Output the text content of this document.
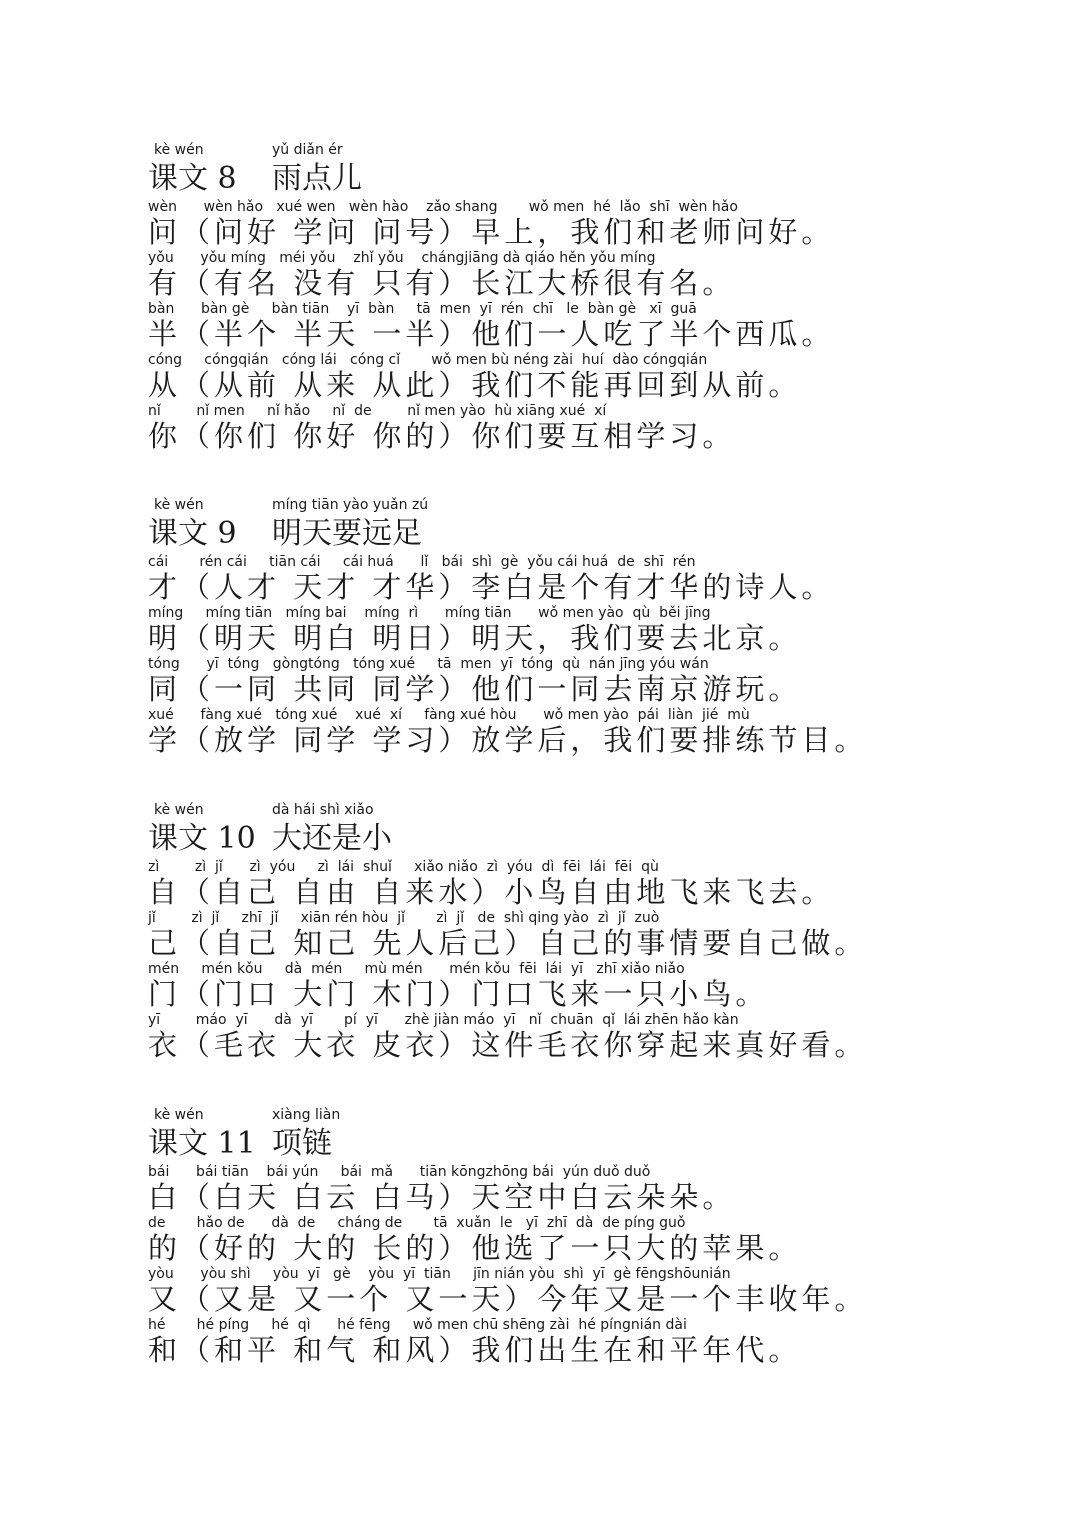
kè wén	yǔ diǎn ér
课文 8 雨点儿
wèn      wèn hǎo   xué wen   wèn hào    zǎo shang       wǒ men  hé  lǎo  shī  wèn hǎo
问（问好 学问 问号）早上，我们和老师问好。
yǒu      yǒu míng   méi yǒu    zhǐ yǒu    chángjiāng dà qiáo hěn yǒu míng
有（有名 没有 只有）长江大桥很有名。
bàn      bàn gè     bàn tiān    yī  bàn     tā  men  yī  rén  chī   le  bàn gè   xī  guā
半（半个 半天 一半）他们一人吃了半个西瓜。
cóng     cóngqián   cóng lái   cóng cǐ       wǒ men bù néng zài  huí  dào cóngqián
从（从前 从来 从此）我们不能再回到从前。
nǐ        nǐ men     nǐ hǎo     nǐ  de        nǐ men yào  hù xiāng xué  xí
你（你们 你好 你的）你们要互相学习。
kè wén	míng tiān yào yuǎn zú
课文 9 明天要远足
cái       rén cái     tiān cái     cái huá      lǐ   bái  shì  gè  yǒu cái huá  de  shī  rén
才（人才 天才 才华）李白是个有才华的诗人。
míng     míng tiān   míng bai    míng  rì      míng tiān      wǒ men yào  qù  běi jīng
明（明天 明白 明日）明天，我们要去北京。
tóng      yī  tóng   gòngtóng   tóng xué     tā  men  yī  tóng  qù  nán jīng yóu wán
同（一同 共同 同学）他们一同去南京游玩。
xué      fàng xué   tóng xué    xué  xí     fàng xué hòu      wǒ men yào  pái  liàn  jié  mù
学（放学 同学 学习）放学后，我们要排练节目。
kè wén	dà hái shì xiǎo
课文 10 大还是小
zì        zì  jǐ      zì  yóu     zì  lái  shuǐ     xiǎo niǎo  zì  yóu  dì  fēi  lái  fēi  qù
自（自己 自由 自来水）小鸟自由地飞来飞去。
jǐ        zì  jǐ     zhī  jǐ     xiān rén hòu  jǐ       zì  jǐ   de  shì qing yào  zì  jǐ  zuò
己（自己 知己 先人后己）自己的事情要自己做。
mén     mén kǒu     dà  mén     mù mén      mén kǒu  fēi  lái  yī   zhī xiǎo niǎo
门（门口 大门 木门）门口飞来一只小鸟。
yī        máo  yī      dà  yī       pí  yī      zhè jiàn máo  yī   nǐ  chuān  qǐ  lái zhēn hǎo kàn
衣（毛衣 大衣 皮衣）这件毛衣你穿起来真好看。
kè wén	xiàng liàn
课文 11 项链
bái      bái tiān    bái yún     bái  mǎ      tiān kōngzhōng bái  yún duǒ duǒ
白（白天 白云 白马）天空中白云朵朵。
de       hǎo de      dà  de     cháng de       tā  xuǎn  le   yī  zhī  dà  de píng guǒ
的（好的 大的 长的）他选了一只大的苹果。
yòu      yòu shì     yòu  yī   gè    yòu  yī  tiān     jīn nián yòu  shì  yī  gè fēngshōunián
又（又是 又一个 又一天）今年又是一个丰收年。
hé       hé píng     hé  qì      hé fēng     wǒ men chū shēng zài  hé píngnián dài
和（和平 和气 和风）我们出生在和平年代。
